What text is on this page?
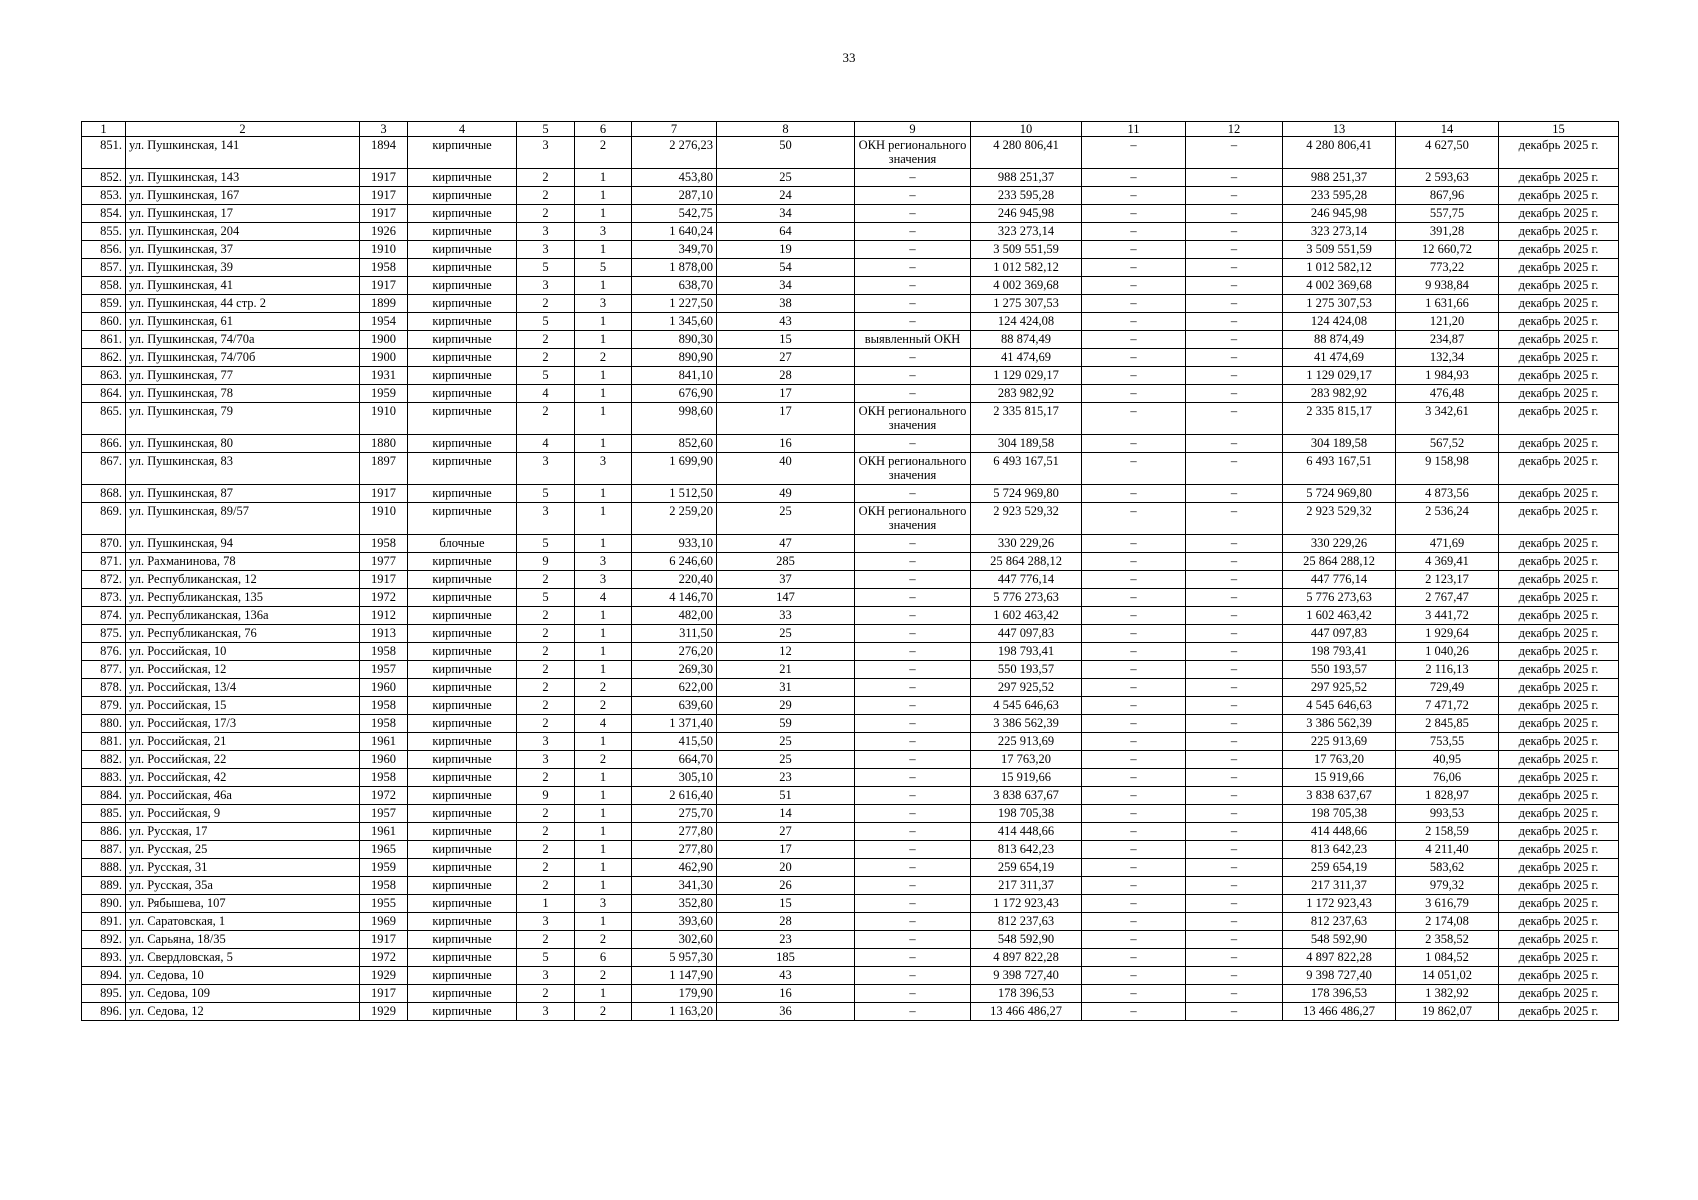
33
1	2	3	4	5	6	7	8	9	10	11	12	13	14	15
851.	ул. Пушкинская, 141	1894	кирпичные	3	2	2 276,23	50	ОКН регионального значения	4 280 806,41	–	–	4 280 806,41	4 627,50	декабрь 2025 г.
852.	ул. Пушкинская, 143	1917	кирпичные	2	1	453,80	25	–	988 251,37	–	–	988 251,37	2 593,63	декабрь 2025 г.
853.	ул. Пушкинская, 167	1917	кирпичные	2	1	287,10	24	–	233 595,28	–	–	233 595,28	867,96	декабрь 2025 г.
854.	ул. Пушкинская, 17	1917	кирпичные	2	1	542,75	34	–	246 945,98	–	–	246 945,98	557,75	декабрь 2025 г.
855.	ул. Пушкинская, 204	1926	кирпичные	3	3	1 640,24	64	–	323 273,14	–	–	323 273,14	391,28	декабрь 2025 г.
856.	ул. Пушкинская, 37	1910	кирпичные	3	1	349,70	19	–	3 509 551,59	–	–	3 509 551,59	12 660,72	декабрь 2025 г.
857.	ул. Пушкинская, 39	1958	кирпичные	5	5	1 878,00	54	–	1 012 582,12	–	–	1 012 582,12	773,22	декабрь 2025 г.
858.	ул. Пушкинская, 41	1917	кирпичные	3	1	638,70	34	–	4 002 369,68	–	–	4 002 369,68	9 938,84	декабрь 2025 г.
859.	ул. Пушкинская, 44 стр. 2	1899	кирпичные	2	3	1 227,50	38	–	1 275 307,53	–	–	1 275 307,53	1 631,66	декабрь 2025 г.
860.	ул. Пушкинская, 61	1954	кирпичные	5	1	1 345,60	43	–	124 424,08	–	–	124 424,08	121,20	декабрь 2025 г.
861.	ул. Пушкинская, 74/70а	1900	кирпичные	2	1	890,30	15	выявленный ОКН	88 874,49	–	–	88 874,49	234,87	декабрь 2025 г.
862.	ул. Пушкинская, 74/70б	1900	кирпичные	2	2	890,90	27	–	41 474,69	–	–	41 474,69	132,34	декабрь 2025 г.
863.	ул. Пушкинская, 77	1931	кирпичные	5	1	841,10	28	–	1 129 029,17	–	–	1 129 029,17	1 984,93	декабрь 2025 г.
864.	ул. Пушкинская, 78	1959	кирпичные	4	1	676,90	17	–	283 982,92	–	–	283 982,92	476,48	декабрь 2025 г.
865.	ул. Пушкинская, 79	1910	кирпичные	2	1	998,60	17	ОКН регионального значения	2 335 815,17	–	–	2 335 815,17	3 342,61	декабрь 2025 г.
866.	ул. Пушкинская, 80	1880	кирпичные	4	1	852,60	16	–	304 189,58	–	–	304 189,58	567,52	декабрь 2025 г.
867.	ул. Пушкинская, 83	1897	кирпичные	3	3	1 699,90	40	ОКН регионального значения	6 493 167,51	–	–	6 493 167,51	9 158,98	декабрь 2025 г.
868.	ул. Пушкинская, 87	1917	кирпичные	5	1	1 512,50	49	–	5 724 969,80	–	–	5 724 969,80	4 873,56	декабрь 2025 г.
869.	ул. Пушкинская, 89/57	1910	кирпичные	3	1	2 259,20	25	ОКН регионального значения	2 923 529,32	–	–	2 923 529,32	2 536,24	декабрь 2025 г.
870.	ул. Пушкинская, 94	1958	блочные	5	1	933,10	47	–	330 229,26	–	–	330 229,26	471,69	декабрь 2025 г.
871.	ул. Рахманинова, 78	1977	кирпичные	9	3	6 246,60	285	–	25 864 288,12	–	–	25 864 288,12	4 369,41	декабрь 2025 г.
872.	ул. Республиканская, 12	1917	кирпичные	2	3	220,40	37	–	447 776,14	–	–	447 776,14	2 123,17	декабрь 2025 г.
873.	ул. Республиканская, 135	1972	кирпичные	5	4	4 146,70	147	–	5 776 273,63	–	–	5 776 273,63	2 767,47	декабрь 2025 г.
874.	ул. Республиканская, 136а	1912	кирпичные	2	1	482,00	33	–	1 602 463,42	–	–	1 602 463,42	3 441,72	декабрь 2025 г.
875.	ул. Республиканская, 76	1913	кирпичные	2	1	311,50	25	–	447 097,83	–	–	447 097,83	1 929,64	декабрь 2025 г.
876.	ул. Российская, 10	1958	кирпичные	2	1	276,20	12	–	198 793,41	–	–	198 793,41	1 040,26	декабрь 2025 г.
877.	ул. Российская, 12	1957	кирпичные	2	1	269,30	21	–	550 193,57	–	–	550 193,57	2 116,13	декабрь 2025 г.
878.	ул. Российская, 13/4	1960	кирпичные	2	2	622,00	31	–	297 925,52	–	–	297 925,52	729,49	декабрь 2025 г.
879.	ул. Российская, 15	1958	кирпичные	2	2	639,60	29	–	4 545 646,63	–	–	4 545 646,63	7 471,72	декабрь 2025 г.
880.	ул. Российская, 17/3	1958	кирпичные	2	4	1 371,40	59	–	3 386 562,39	–	–	3 386 562,39	2 845,85	декабрь 2025 г.
881.	ул. Российская, 21	1961	кирпичные	3	1	415,50	25	–	225 913,69	–	–	225 913,69	753,55	декабрь 2025 г.
882.	ул. Российская, 22	1960	кирпичные	3	2	664,70	25	–	17 763,20	–	–	17 763,20	40,95	декабрь 2025 г.
883.	ул. Российская, 42	1958	кирпичные	2	1	305,10	23	–	15 919,66	–	–	15 919,66	76,06	декабрь 2025 г.
884.	ул. Российская, 46а	1972	кирпичные	9	1	2 616,40	51	–	3 838 637,67	–	–	3 838 637,67	1 828,97	декабрь 2025 г.
885.	ул. Российская, 9	1957	кирпичные	2	1	275,70	14	–	198 705,38	–	–	198 705,38	993,53	декабрь 2025 г.
886.	ул. Русская, 17	1961	кирпичные	2	1	277,80	27	–	414 448,66	–	–	414 448,66	2 158,59	декабрь 2025 г.
887.	ул. Русская, 25	1965	кирпичные	2	1	277,80	17	–	813 642,23	–	–	813 642,23	4 211,40	декабрь 2025 г.
888.	ул. Русская, 31	1959	кирпичные	2	1	462,90	20	–	259 654,19	–	–	259 654,19	583,62	декабрь 2025 г.
889.	ул. Русская, 35а	1958	кирпичные	2	1	341,30	26	–	217 311,37	–	–	217 311,37	979,32	декабрь 2025 г.
890.	ул. Рябышева, 107	1955	кирпичные	1	3	352,80	15	–	1 172 923,43	–	–	1 172 923,43	3 616,79	декабрь 2025 г.
891.	ул. Саратовская, 1	1969	кирпичные	3	1	393,60	28	–	812 237,63	–	–	812 237,63	2 174,08	декабрь 2025 г.
892.	ул. Сарьяна, 18/35	1917	кирпичные	2	2	302,60	23	–	548 592,90	–	–	548 592,90	2 358,52	декабрь 2025 г.
893.	ул. Свердловская, 5	1972	кирпичные	5	6	5 957,30	185	–	4 897 822,28	–	–	4 897 822,28	1 084,52	декабрь 2025 г.
894.	ул. Седова, 10	1929	кирпичные	3	2	1 147,90	43	–	9 398 727,40	–	–	9 398 727,40	14 051,02	декабрь 2025 г.
895.	ул. Седова, 109	1917	кирпичные	2	1	179,90	16	–	178 396,53	–	–	178 396,53	1 382,92	декабрь 2025 г.
896.	ул. Седова, 12	1929	кирпичные	3	2	1 163,20	36	–	13 466 486,27	–	–	13 466 486,27	19 862,07	декабрь 2025 г.
